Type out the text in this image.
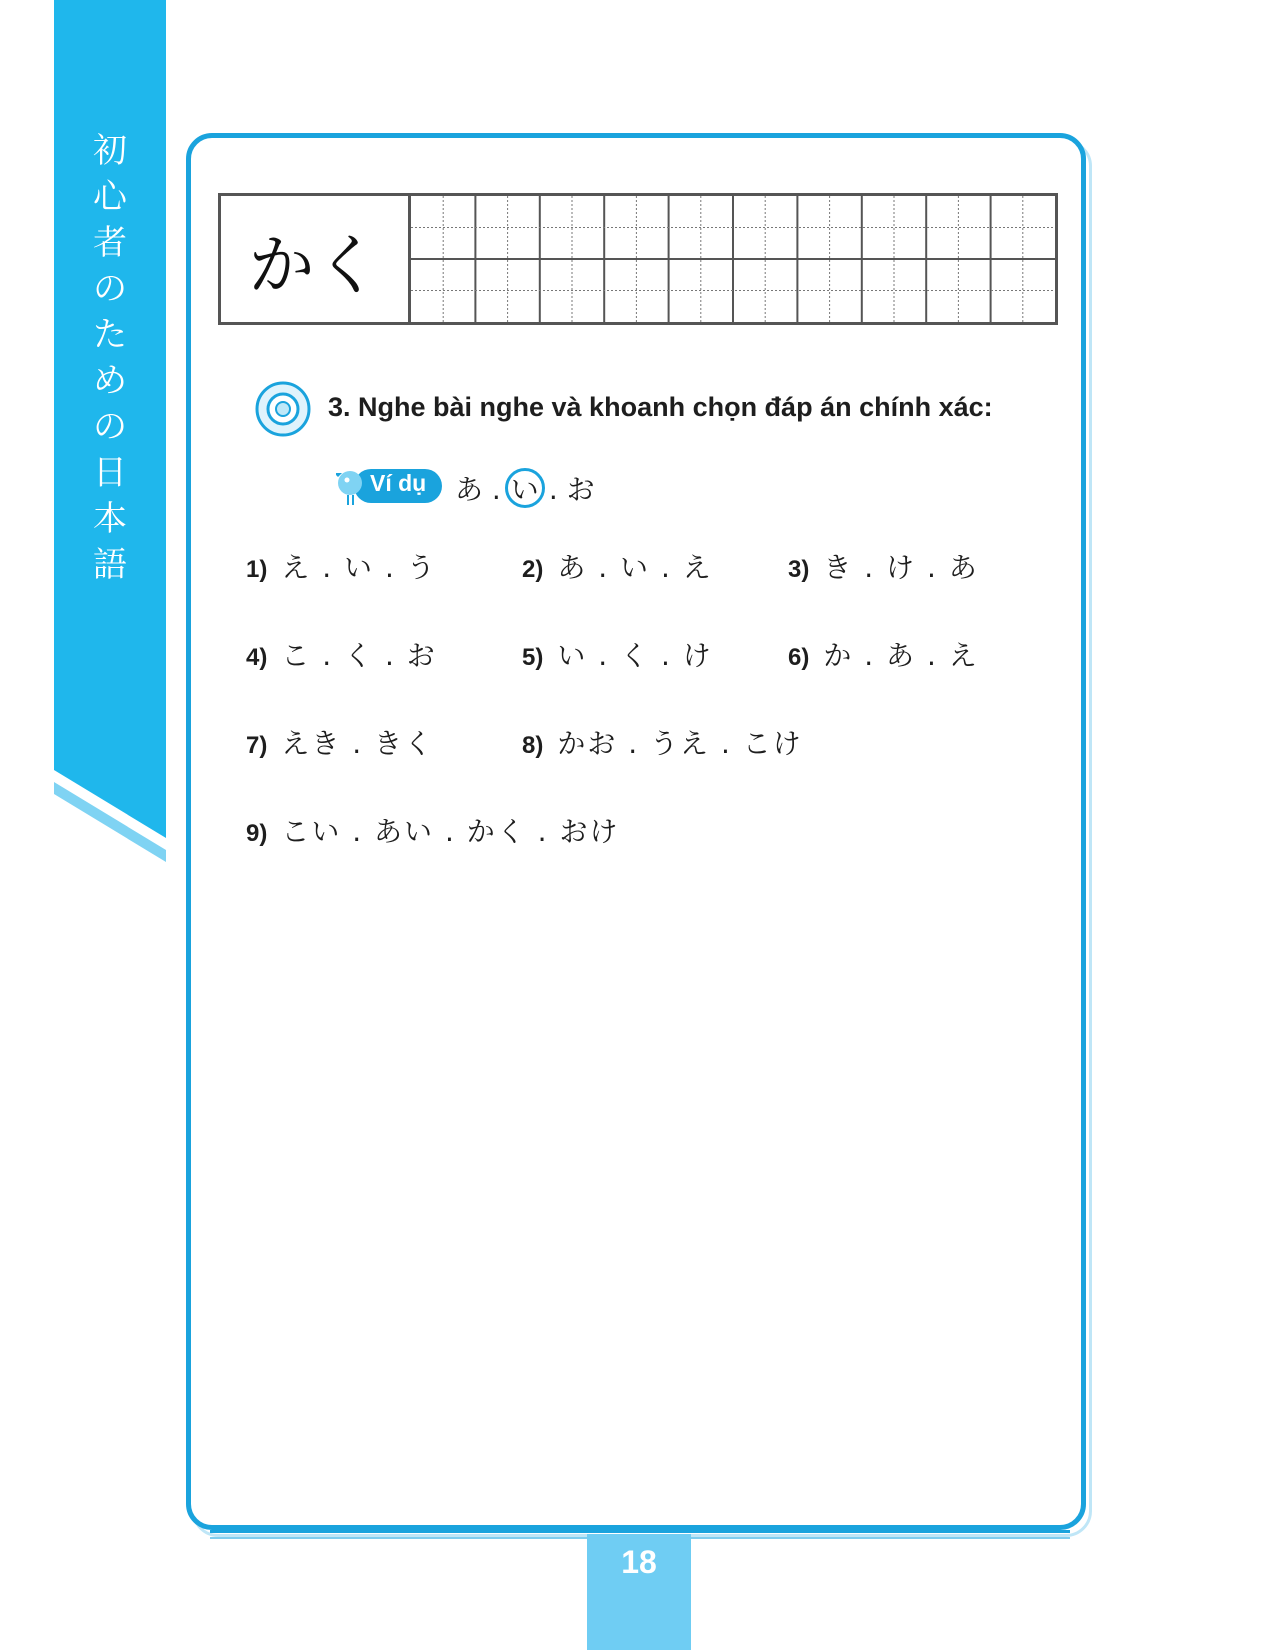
初
心
者
の
た
め
の
日
本
語
かく
3. Nghe bài nghe và khoanh chọn đáp án chính xác:
Ví dụ あ . い . お
1) え . い . う	2) あ . い . え	3) き . け . あ
4) こ . く . お	5) い . く . け	6) か . あ . え
7) えき . きく	8) かお . うえ . こけ
9) こい . あい . かく . おけ
18
